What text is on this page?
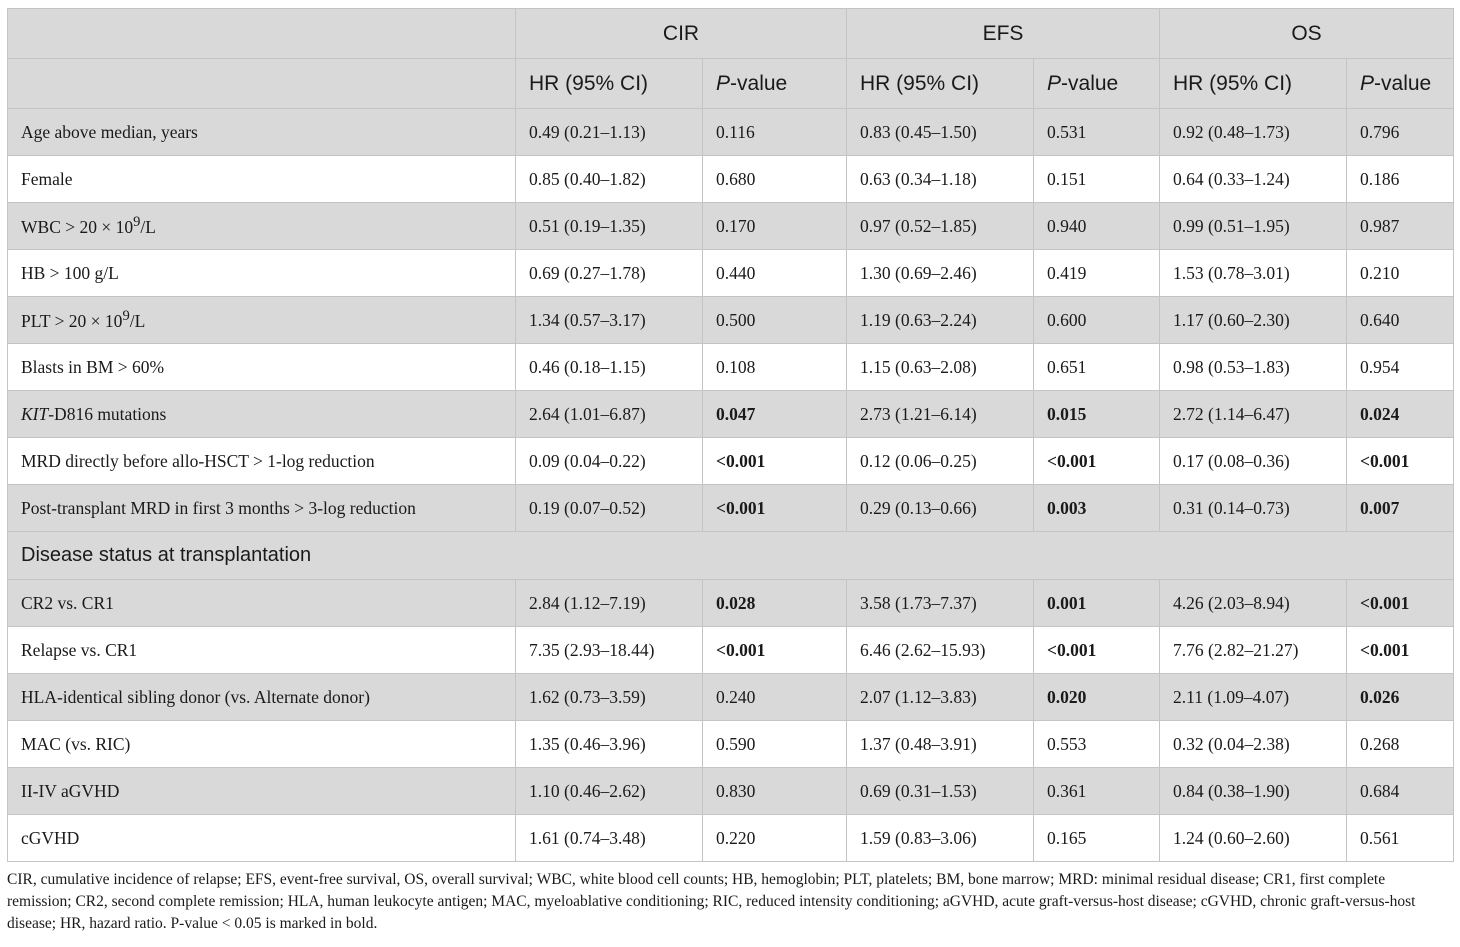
	CIR		EFS		OS	
	HR (95% CI)	P-value	HR (95% CI)	P-value	HR (95% CI)	P-value
Age above median, years	0.49 (0.21–1.13)	0.116	0.83 (0.45–1.50)	0.531	0.92 (0.48–1.73)	0.796
Female	0.85 (0.40–1.82)	0.680	0.63 (0.34–1.18)	0.151	0.64 (0.33–1.24)	0.186
WBC > $20 \times 10^9/L$	0.51 (0.19–1.35)	0.170	0.97 (0.52–1.85)	0.940	0.99 (0.51–1.95)	0.987
HB > 100 g/L	0.69 (0.27–1.78)	0.440	1.30 (0.69–2.46)	0.419	1.53 (0.78–3.01)	0.210
PLT > $20 \times 10^9/L$	1.34 (0.57–3.17)	0.500	1.19 (0.63–2.24)	0.600	1.17 (0.60–2.30)	0.640
Blasts in BM > 60%	0.46 (0.18–1.15)	0.108	1.15 (0.63–2.08)	0.651	0.98 (0.53–1.83)	0.954
KIT-D816 mutations	2.64 (1.01–6.87)	0.047	2.73 (1.21–6.14)	0.015	2.72 (1.14–6.47)	0.024
MRD directly before allo-HSCT > 1-log reduction	0.09 (0.04–0.22)	<0.001	0.12 (0.06–0.25)	<0.001	0.17 (0.08–0.36)	<0.001
Post-transplant MRD in first 3 months > 3-log reduction	0.19 (0.07–0.52)	<0.001	0.29 (0.13–0.66)	0.003	0.31 (0.14–0.73)	0.007
Disease status at transplantation						
CR2 vs. CR1	2.84 (1.12–7.19)	0.028	3.58 (1.73–7.37)	0.001	4.26 (2.03–8.94)	<0.001
Relapse vs. CR1	7.35 (2.93–18.44)	<0.001	6.46 (2.62–15.93)	<0.001	7.76 (2.82–21.27)	<0.001
HLA-identical sibling donor (vs. Alternate donor)	1.62 (0.73–3.59)	0.240	2.07 (1.12–3.83)	0.020	2.11 (1.09–4.07)	0.026
MAC (vs. RIC)	1.35 (0.46–3.96)	0.590	1.37 (0.48–3.91)	0.553	0.32 (0.04–2.38)	0.268
II-IV aGVHD	1.10 (0.46–2.62)	0.830	0.69 (0.31–1.53)	0.361	0.84 (0.38–1.90)	0.684
cGVHD	1.61 (0.74–3.48)	0.220	1.59 (0.83–3.06)	0.165	1.24 (0.60–2.60)	0.561
CIR, cumulative incidence of relapse; EFS, event-free survival, OS, overall survival; WBC, white blood cell counts; HB, hemoglobin; PLT, platelets; BM, bone marrow; MRD: minimal residual disease; CR1, first complete remission; CR2, second complete remission; HLA, human leukocyte antigen; MAC, myeloablative conditioning; RIC, reduced intensity conditioning; aGVHD, acute graft-versus-host disease; cGVHD, chronic graft-versus-host disease; HR, hazard ratio. P-value < 0.05 is marked in bold.
